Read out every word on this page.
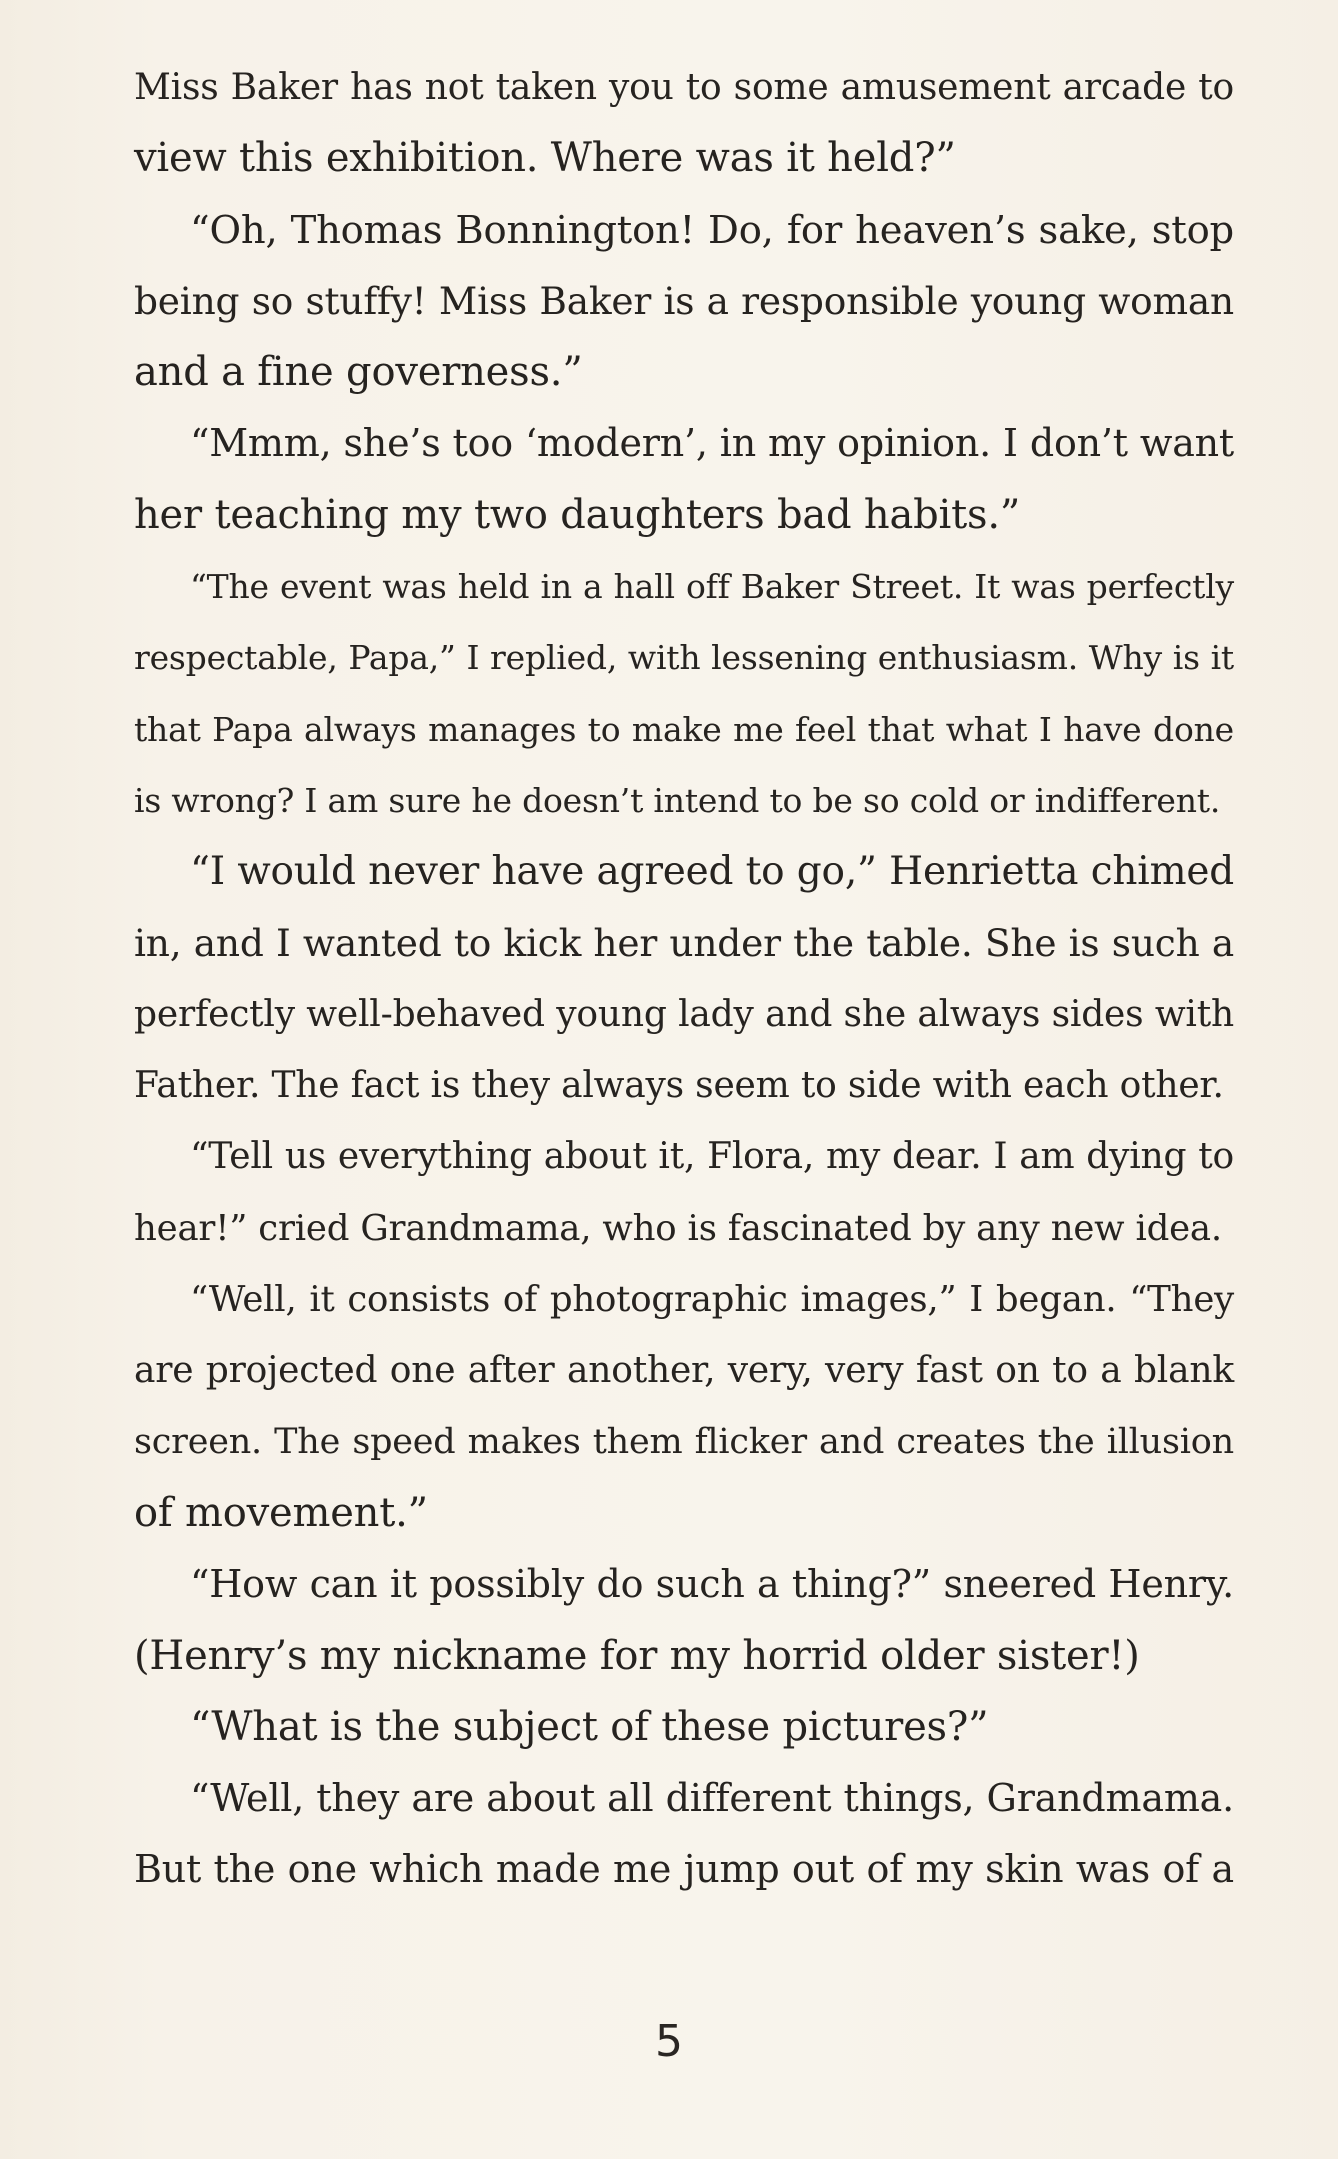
Miss Baker has not taken you to some amusement arcade to
view this exhibition. Where was it held?”
“Oh, Thomas Bonnington! Do, for heaven’s sake, stop
being so stuffy! Miss Baker is a responsible young woman
and a fine governess.”
“Mmm, she’s too ‘modern’, in my opinion. I don’t want
her teaching my two daughters bad habits.”
“The event was held in a hall off Baker Street. It was perfectly
respectable, Papa,” I replied, with lessening enthusiasm. Why is it
that Papa always manages to make me feel that what I have done
is wrong? I am sure he doesn’t intend to be so cold or indifferent.
“I would never have agreed to go,” Henrietta chimed
in, and I wanted to kick her under the table. She is such a
perfectly well-behaved young lady and she always sides with
Father. The fact is they always seem to side with each other.
“Tell us everything about it, Flora, my dear. I am dying to
hear!” cried Grandmama, who is fascinated by any new idea.
“Well, it consists of photographic images,” I began. “They
are projected one after another, very, very fast on to a blank
screen. The speed makes them flicker and creates the illusion
of movement.”
“How can it possibly do such a thing?” sneered Henry.
(Henry’s my nickname for my horrid older sister!)
“What is the subject of these pictures?”
“Well, they are about all different things, Grandmama.
But the one which made me jump out of my skin was of a
5
